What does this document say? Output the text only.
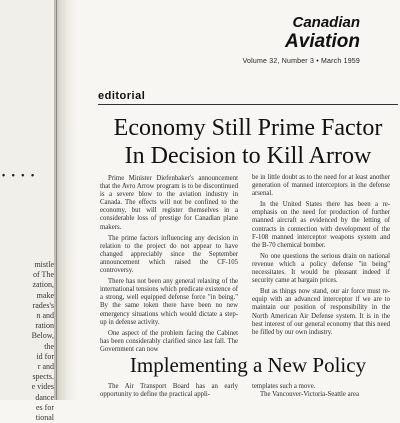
• • • •
mistle
of The
zation,
make
rades's
n and
ration
Below,
the
id for
r and
spects.
e vides
dance
es for
tional
Canadian
Aviation
Volume 32, Number 3 • March 1959
editorial
Economy Still Prime Factor
In Decision to Kill Arrow

Prime Minister Diefenbaker's announcement that the Avro Arrow program is to be discontinued is a severe blow to the aviation industry in Canada. The effects will not be confined to the economy, but will register themselves in a considerable loss of prestige for Canadian plane makers.

The prime factors influencing any decision in relation to the project do not appear to have changed appreciably since the September announcement which raised the CF-105 controversy.

There has not been any general relaxing of the international tensions which predicate existence of a strong, well equipped defense force "in being." By the same token there have been no new emergency situations which would dictate a step-up in defense activity.

One aspect of the problem facing the Cabinet has been considerably clarified since last fall. The Government can now

be in little doubt as to the need for at least another generation of manned interceptors in the defense arsenal.

In the United States there has been a re-emphasis on the need for production of further manned aircraft as evidenced by the letting of contracts in connection with development of the F-108 manned interceptor weapons system and the B-70 chemical bomber.

No one questions the serious drain on national revenue which a policy defense "in being" necessitates. It would be pleasant indeed if security came at bargain prices.

But as things now stand, our air force must re-equip with an advanced interceptor if we are to maintain our position of responsibility in the North American Air Defense system. It is in the best interest of our general economy that this need be filled by our own industry.

Implementing a New Policy

The Air Transport Board has an early opportunity to define the practical appli-

templates such a move.

The Vancouver-Victoria-Seattle area
